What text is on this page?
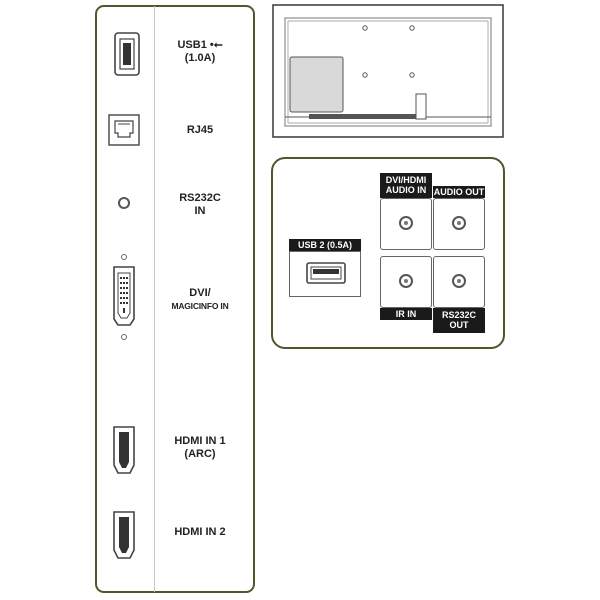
USB1 •⭠
(1.0A)
RJ45
RS232C
IN
DVI/
MAGICINFO IN
HDMI IN 1
(ARC)
HDMI IN 2
USB 2 (0.5A)
DVI/HDMI
AUDIO IN AUDIO OUT
IR IN	RS232C
OUT
